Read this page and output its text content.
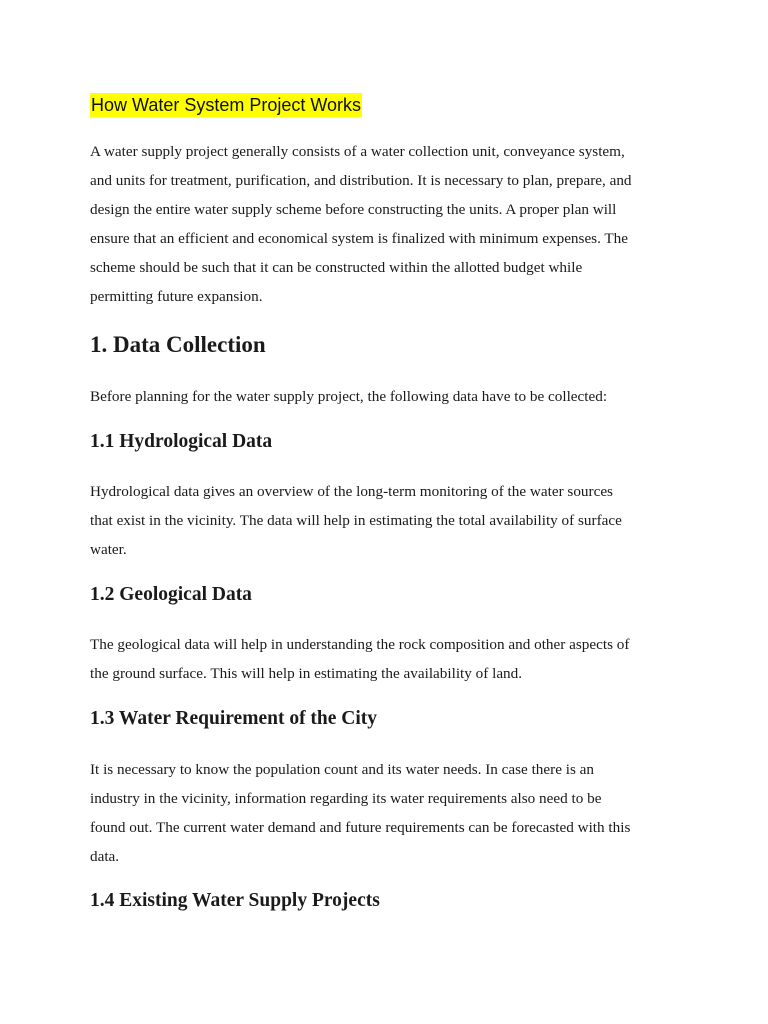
How Water System Project Works
A water supply project generally consists of a water collection unit, conveyance system,
and units for treatment, purification, and distribution. It is necessary to plan, prepare, and
design the entire water supply scheme before constructing the units. A proper plan will
ensure that an efficient and economical system is finalized with minimum expenses. The
scheme should be such that it can be constructed within the allotted budget while
permitting future expansion.
1. Data Collection
Before planning for the water supply project, the following data have to be collected:
1.1 Hydrological Data
Hydrological data gives an overview of the long-term monitoring of the water sources
that exist in the vicinity. The data will help in estimating the total availability of surface
water.
1.2 Geological Data
The geological data will help in understanding the rock composition and other aspects of
the ground surface. This will help in estimating the availability of land.
1.3 Water Requirement of the City
It is necessary to know the population count and its water needs. In case there is an
industry in the vicinity, information regarding its water requirements also need to be
found out. The current water demand and future requirements can be forecasted with this
data.
1.4 Existing Water Supply Projects
